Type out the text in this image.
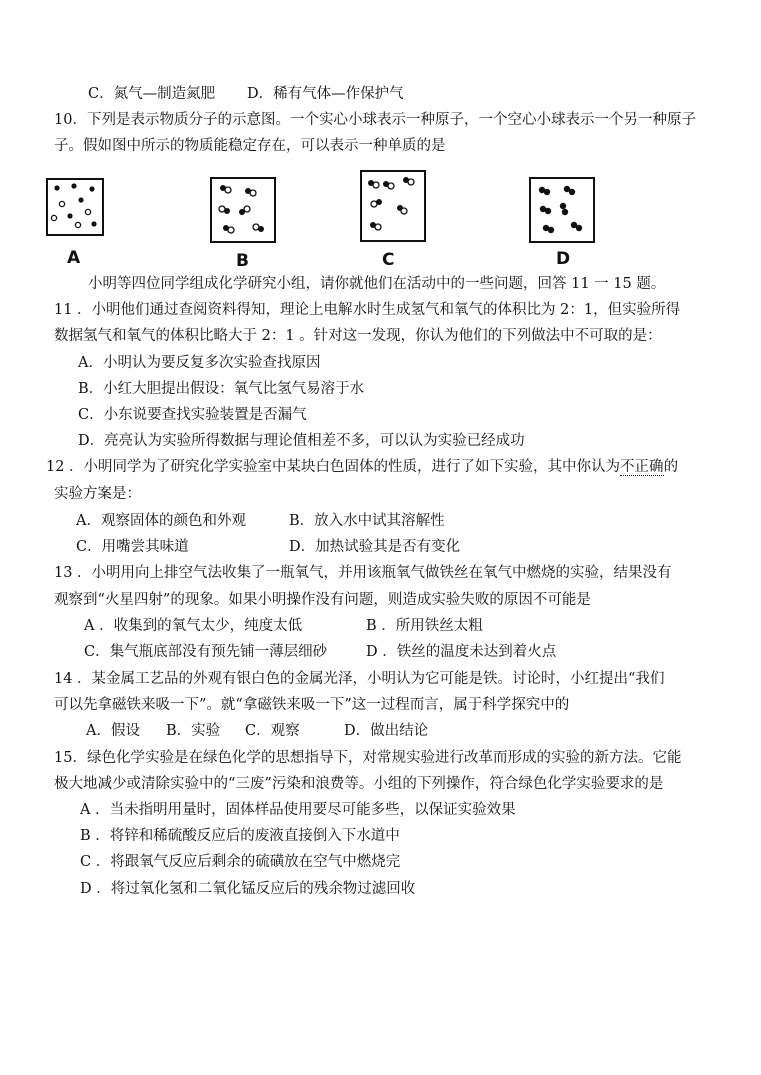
C．氮气—制造氮肥 D．稀有气体—作保护气
10．下列是表示物质分子的示意图。一个实心小球表示一种原子，一个空心小球表示一个另一种原子
子。假如图中所示的物质能稳定存在，可以表示一种单质的是
A	B	C	D
小明等四位同学组成化学研究小组，请你就他们在活动中的一些问题，回答 11 一 15 题。
11 ．小明他们通过查阅资料得知，理论上电解水时生成氢气和氧气的体积比为 2：1，但实验所得
数据氢气和氧气的体积比略大于 2：1 。针对这一发现，你认为他们的下列做法中不可取的是：
A．小明认为要反复多次实验查找原因
B．小红大胆提出假设：氧气比氢气易溶于水
C．小东说要查找实验装置是否漏气
D．亮亮认为实验所得数据与理论值相差不多，可以认为实验已经成功
12 ．小明同学为了研究化学实验室中某块白色固体的性质，进行了如下实验，其中你认为不正确的
实验方案是：
A．观察固体的颜色和外观	B．放入水中试其溶解性
C．用嘴尝其味道	D．加热试验其是否有变化
13 ．小明用向上排空气法收集了一瓶氧气，并用该瓶氧气做铁丝在氧气中燃烧的实验，结果没有
观察到“火星四射”的现象。如果小明操作没有问题，则造成实验失败的原因不可能是
A ．收集到的氧气太少，纯度太低	B ．所用铁丝太粗
C．集气瓶底部没有预先铺一薄层细砂	D ．铁丝的温度未达到着火点
14 ．某金属工艺品的外观有银白色的金属光泽，小明认为它可能是铁。讨论时，小红提出“我们
可以先拿磁铁来吸一下”。就“拿磁铁来吸一下”这一过程而言，属于科学探究中的
A．假设 B．实验 C．观察	D．做出结论
15．绿色化学实验是在绿色化学的思想指导下，对常规实验进行改革而形成的实验的新方法。它能
极大地减少或清除实验中的“三废”污染和浪费等。小组的下列操作，符合绿色化学实验要求的是
A ．当未指明用量时，固体样品使用要尽可能多些，以保证实验效果
B ．将锌和稀硫酸反应后的废液直接倒入下水道中
C ．将跟氧气反应后剩余的硫磺放在空气中燃烧完
D ．将过氧化氢和二氧化锰反应后的残余物过滤回收
